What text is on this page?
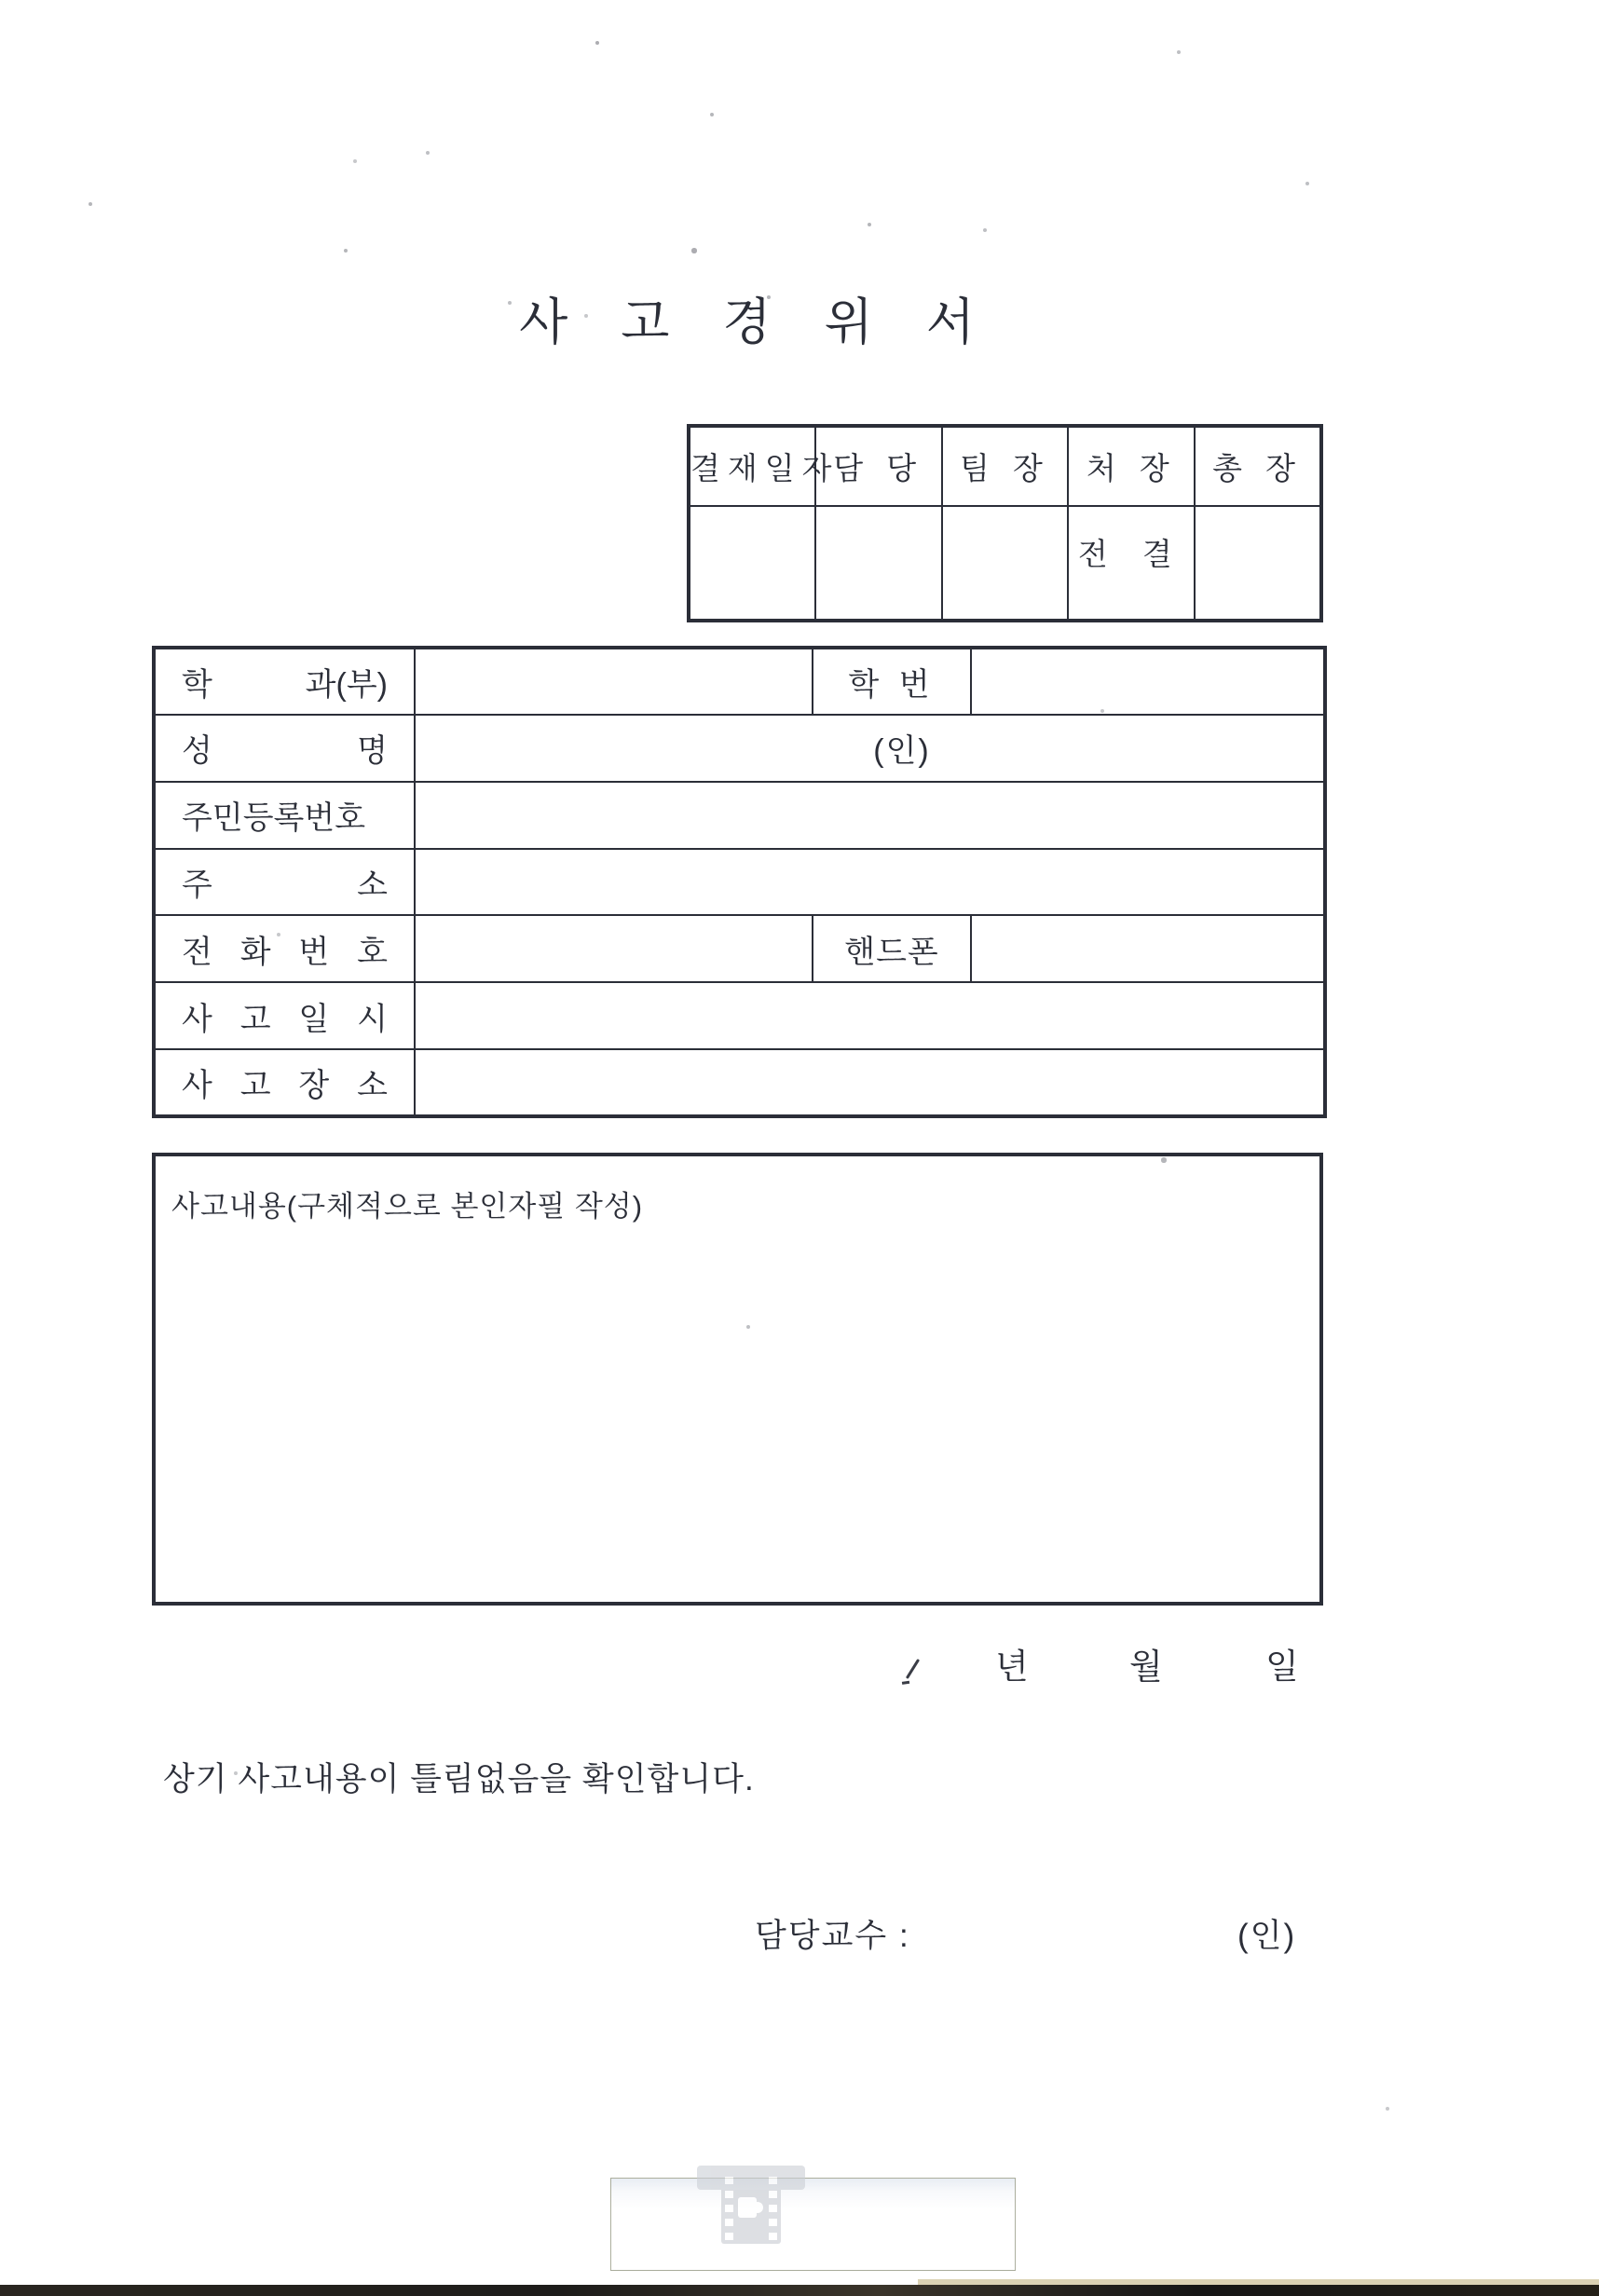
사 고 경 위 서
결재일자	담 당	팀 장	처 장	총 장
			전 결	
학 과(부)		학 번	
성 명	(인)		
주민등록번호			
주 소			
전 화 번 호		핸드폰	
사 고 일 시			
사 고 장 소			
사고내용(구체적으로 본인자필 작성)
년	월	일
상기 사고내용이 틀림없음을 확인합니다.
담당교수 :	(인)
